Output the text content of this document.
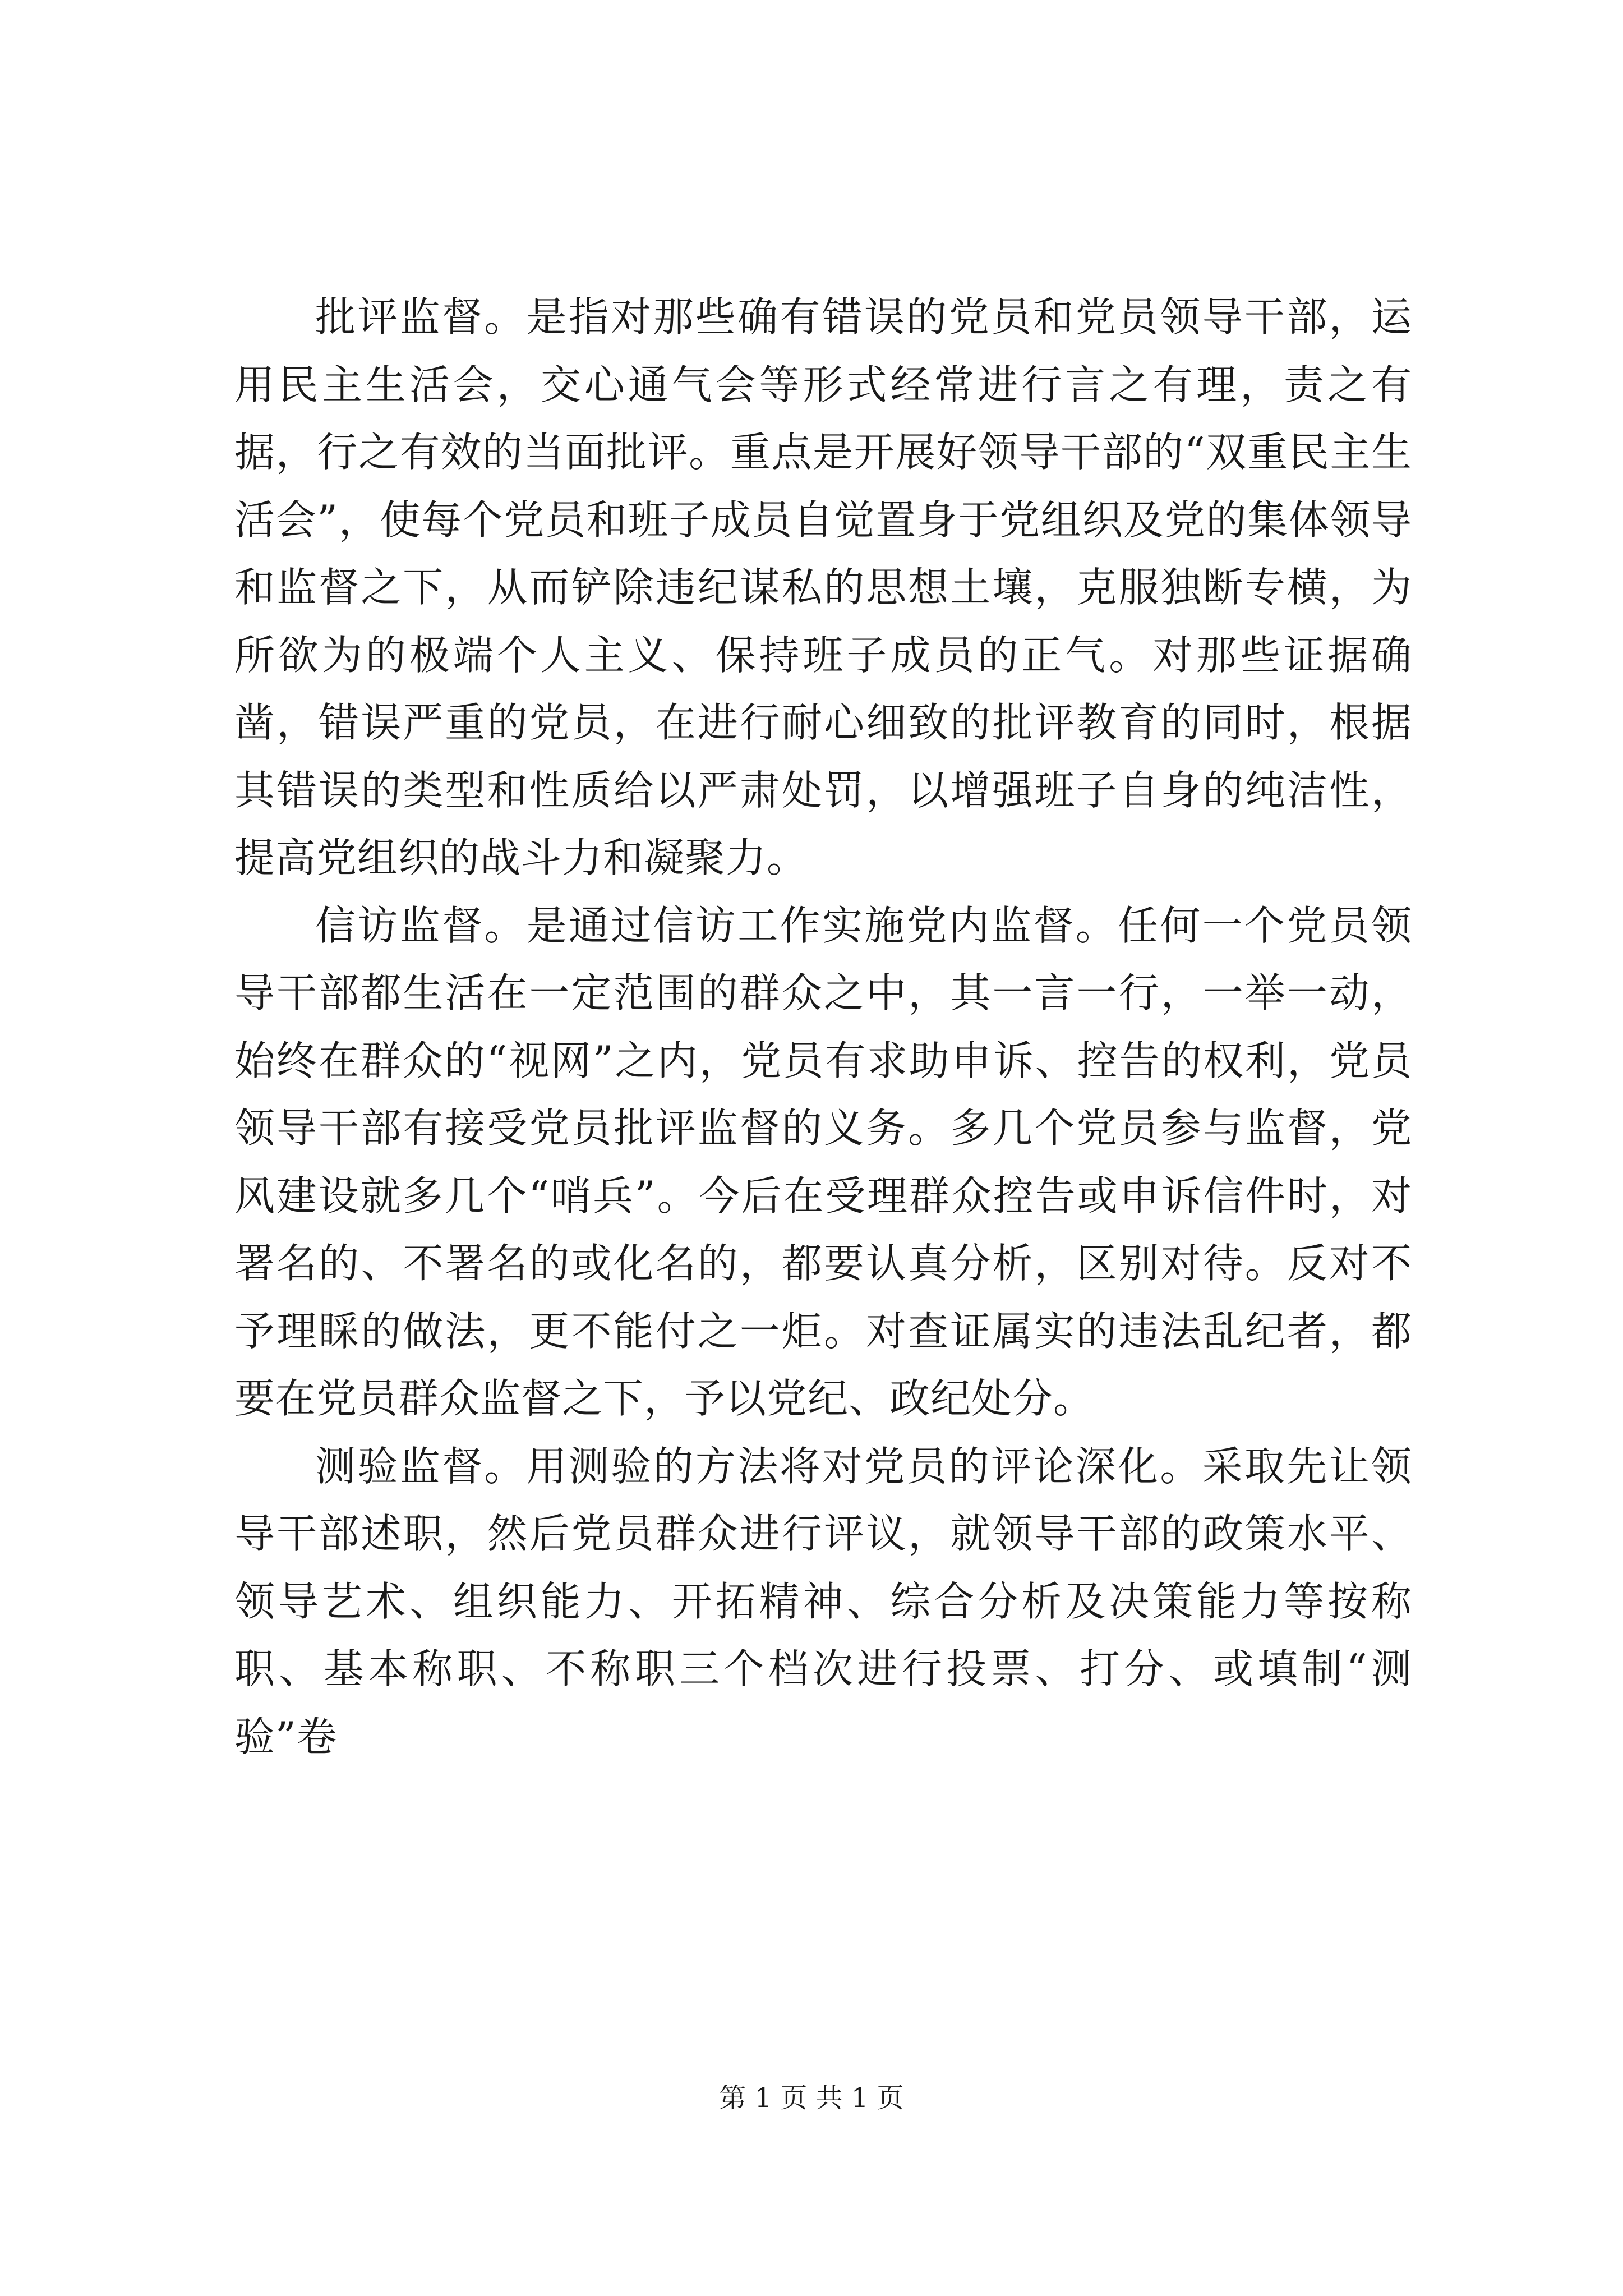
批评监督。是指对那些确有错误的党员和党员领导干部，运用民主生活会，交心通气会等形式经常进行言之有理，责之有据，行之有效的当面批评。重点是开展好领导干部的“双重民主生活会”，使每个党员和班子成员自觉置身于党组织及党的集体领导和监督之下，从而铲除违纪谋私的思想土壤，克服独断专横，为所欲为的极端个人主义、保持班子成员的正气。对那些证据确凿，错误严重的党员，在进行耐心细致的批评教育的同时，根据其错误的类型和性质给以严肃处罚，以增强班子自身的纯洁性，提高党组织的战斗力和凝聚力。

信访监督。是通过信访工作实施党内监督。任何一个党员领导干部都生活在一定范围的群众之中，其一言一行，一举一动，始终在群众的“视网”之内，党员有求助申诉、控告的权利，党员领导干部有接受党员批评监督的义务。多几个党员参与监督，党风建设就多几个“哨兵”。今后在受理群众控告或申诉信件时，对署名的、不署名的或化名的，都要认真分析，区别对待。反对不予理睬的做法，更不能付之一炬。对查证属实的违法乱纪者，都要在党员群众监督之下，予以党纪、政纪处分。

测验监督。用测验的方法将对党员的评论深化。采取先让领导干部述职，然后党员群众进行评议，就领导干部的政策水平、领导艺术、组织能力、开拓精神、综合分析及决策能力等按称职、基本称职、不称职三个档次进行投票、打分、或填制“测验”卷

第 1 页 共 1 页
